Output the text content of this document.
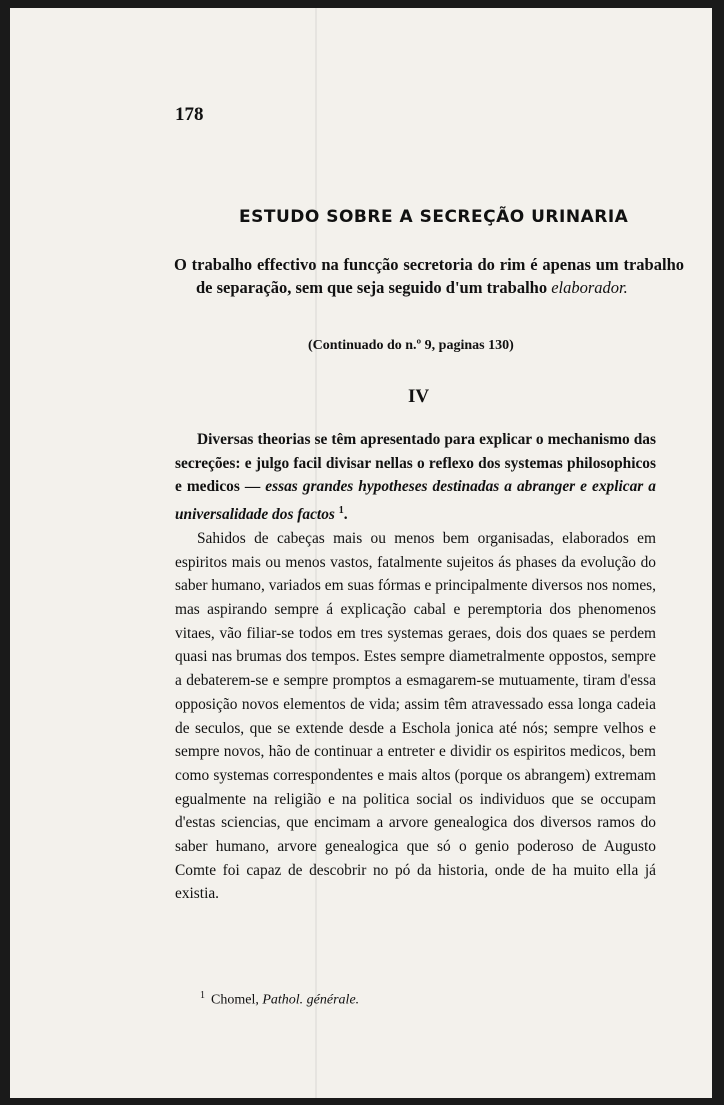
178
ESTUDO SOBRE A SECREÇÃO URINARIA
O trabalho effectivo na funcção secretoria do rim é apenas um trabalho de separação, sem que seja seguido d'um trabalho elaborador.
(Continuado do n.º 9, paginas 130)
IV

Diversas theorias se têm apresentado para explicar o mechanismo das secreções: e julgo facil divisar nellas o reflexo dos systemas philosophicos e medicos — essas grandes hypotheses destinadas a abranger e explicar a universalidade dos factos $^1$.

Sahidos de cabeças mais ou menos bem organisadas, elaborados em espiritos mais ou menos vastos, fatalmente sujeitos ás phases da evolução do saber humano, variados em suas fórmas e principalmente diversos nos nomes, mas aspirando sempre á explicação cabal e peremptoria dos phenomenos vitaes, vão filiar-se todos em tres systemas geraes, dois dos quaes se perdem quasi nas brumas dos tempos. Estes sempre diametralmente oppostos, sempre a debaterem-se e sempre promptos a esmagarem-se mutuamente, tiram d'essa opposição novos elementos de vida; assim têm atravessado essa longa cadeia de seculos, que se extende desde a Eschola jonica até nós; sempre velhos e sempre novos, hão de continuar a entreter e dividir os espiritos medicos, bem como systemas correspondentes e mais altos (porque os abrangem) extremam egualmente na religião e na politica social os individuos que se occupam d'estas sciencias, que encimam a arvore genealogica dos diversos ramos do saber humano, arvore genealogica que só o genio poderoso de Augusto Comte foi capaz de descobrir no pó da historia, onde de ha muito ella já existia.

$^1$ Chomel, Pathol. générale.
